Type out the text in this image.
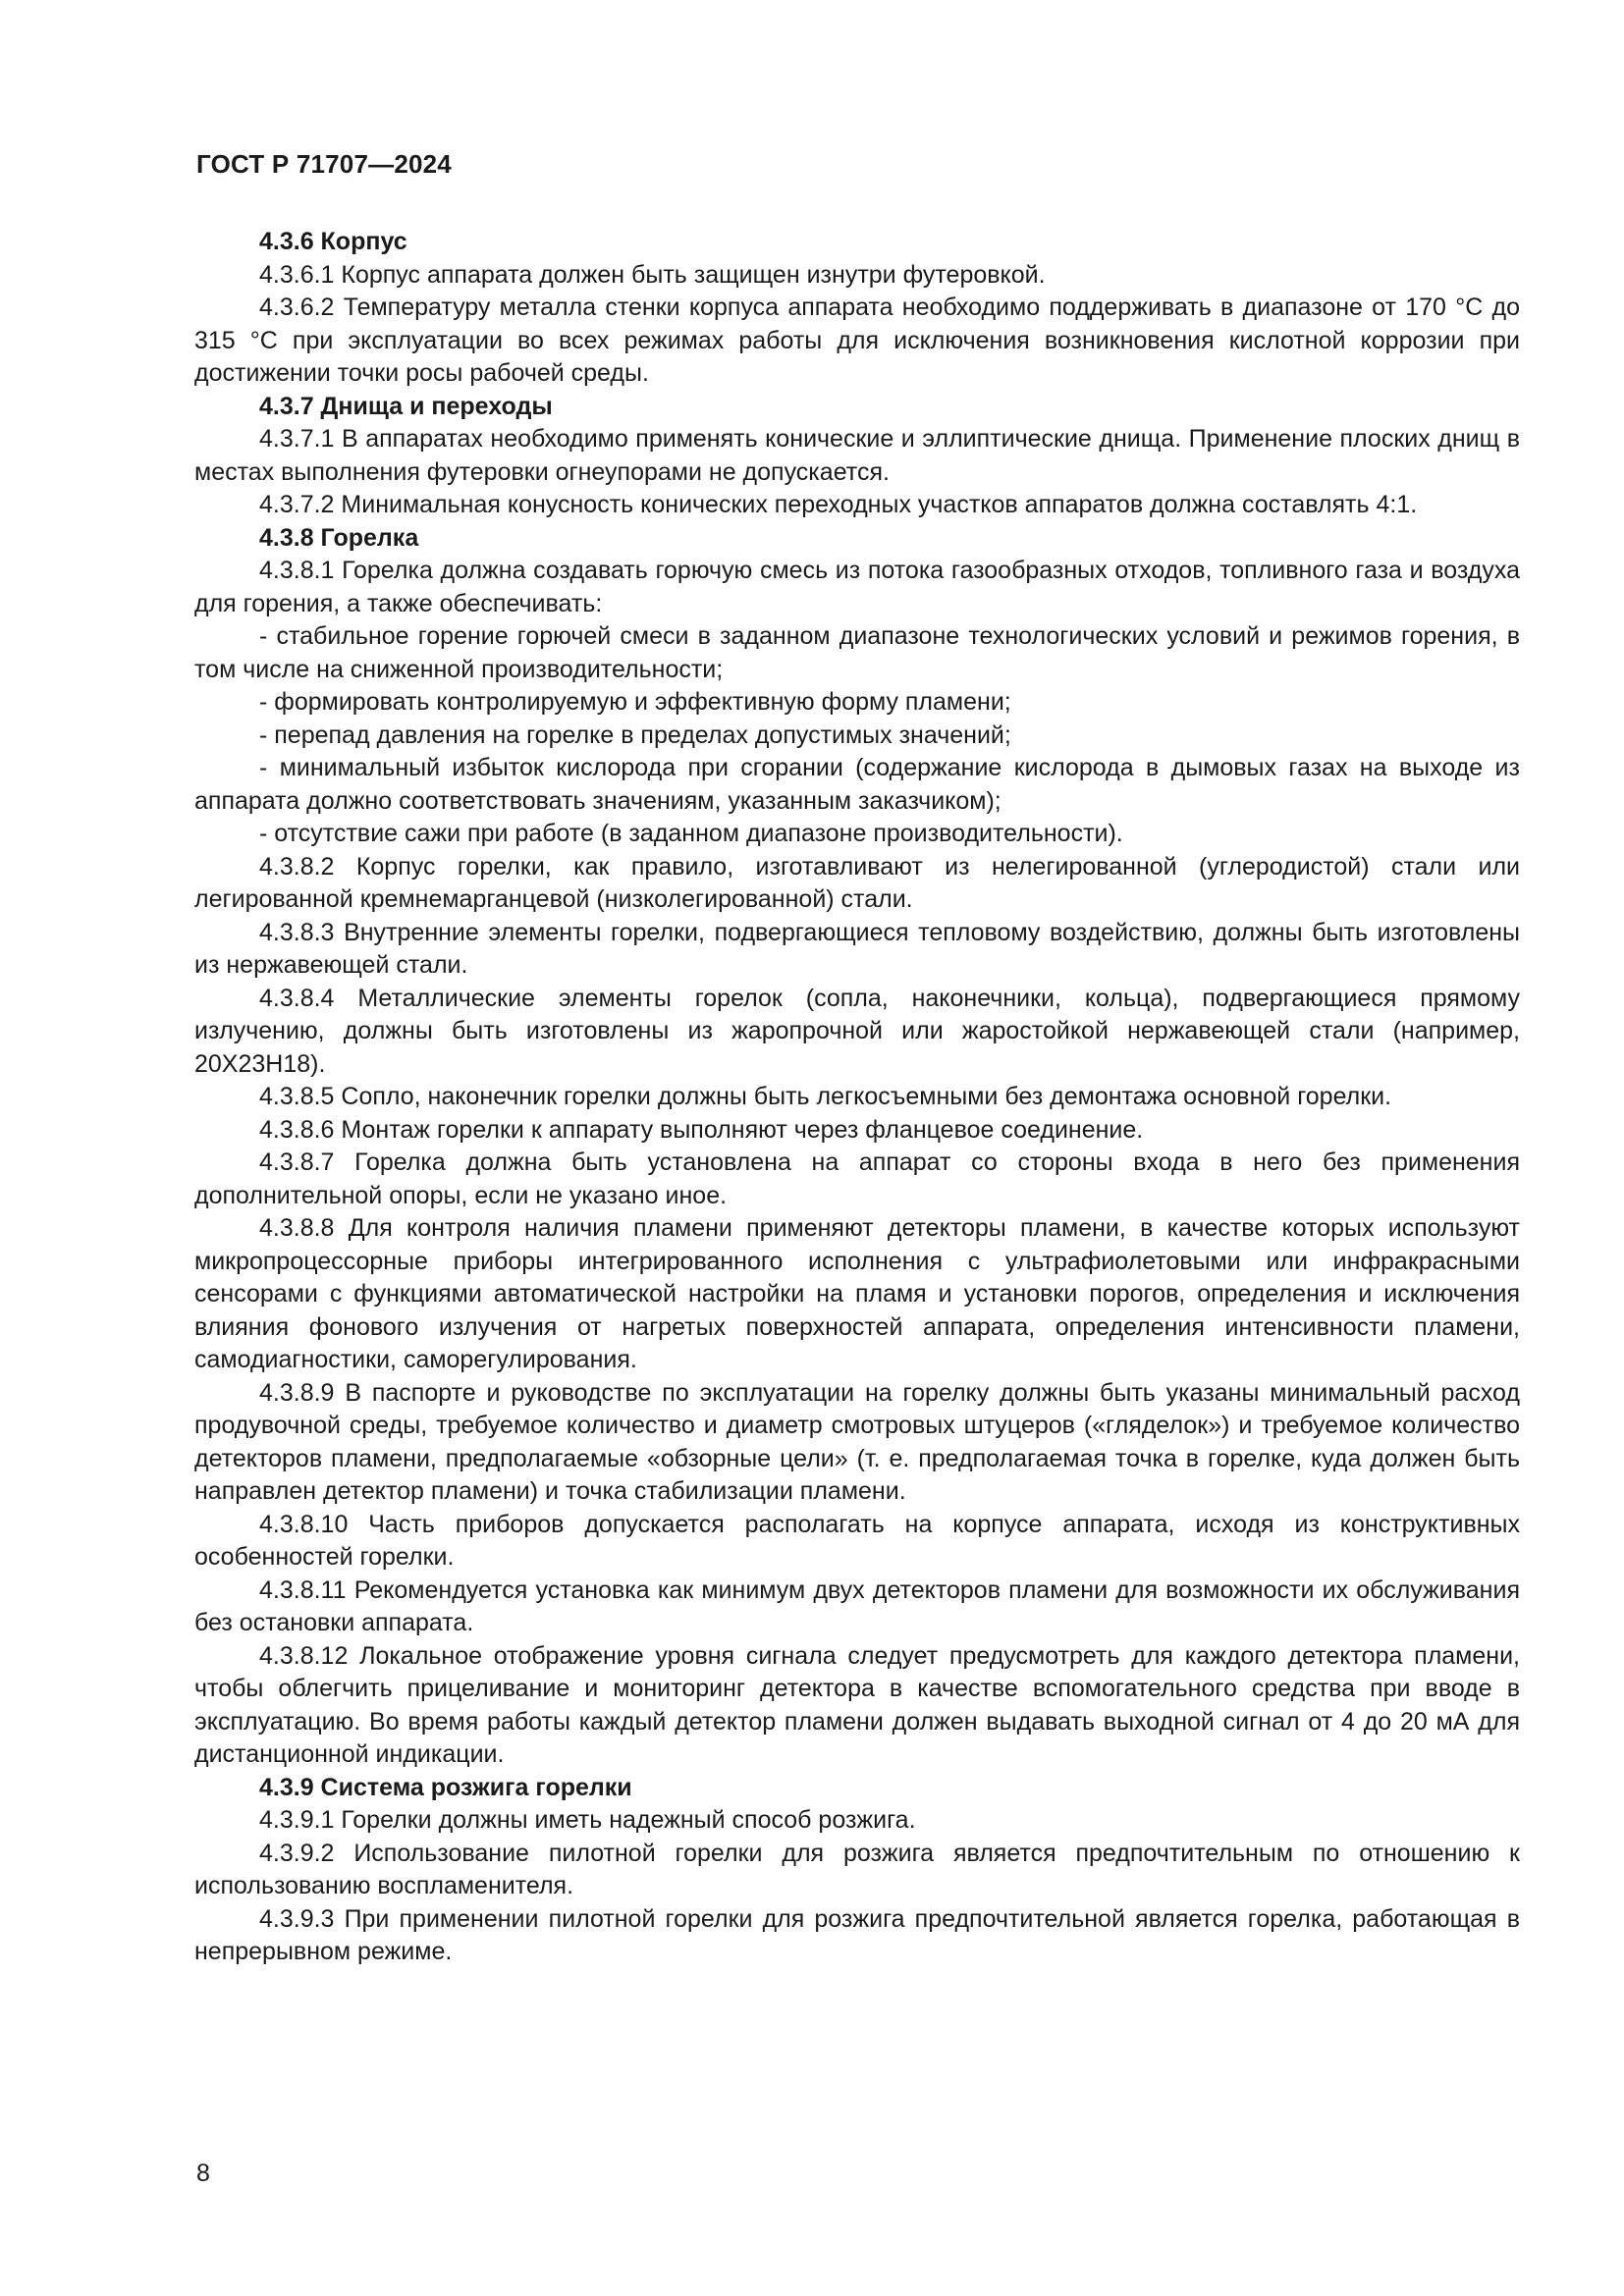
ГОСТ Р 71707—2024

4.3.6 Корпус

4.3.6.1 Корпус аппарата должен быть защищен изнутри футеровкой.

4.3.6.2 Температуру металла стенки корпуса аппарата необходимо поддерживать в диапазоне от 170 °C до 315 °C при эксплуатации во всех режимах работы для исключения возникновения кислотной коррозии при достижении точки росы рабочей среды.

4.3.7 Днища и переходы

4.3.7.1 В аппаратах необходимо применять конические и эллиптические днища. Применение плоских днищ в местах выполнения футеровки огнеупорами не допускается.

4.3.7.2 Минимальная конусность конических переходных участков аппаратов должна составлять 4:1.

4.3.8 Горелка

4.3.8.1 Горелка должна создавать горючую смесь из потока газообразных отходов, топливного газа и воздуха для горения, а также обеспечивать:

- стабильное горение горючей смеси в заданном диапазоне технологических условий и режимов горения, в том числе на сниженной производительности;

- формировать контролируемую и эффективную форму пламени;

- перепад давления на горелке в пределах допустимых значений;

- минимальный избыток кислорода при сгорании (содержание кислорода в дымовых газах на выходе из аппарата должно соответствовать значениям, указанным заказчиком);

- отсутствие сажи при работе (в заданном диапазоне производительности).

4.3.8.2 Корпус горелки, как правило, изготавливают из нелегированной (углеродистой) стали или легированной кремнемарганцевой (низколегированной) стали.

4.3.8.3 Внутренние элементы горелки, подвергающиеся тепловому воздействию, должны быть изготовлены из нержавеющей стали.

4.3.8.4 Металлические элементы горелок (сопла, наконечники, кольца), подвергающиеся прямому излучению, должны быть изготовлены из жаропрочной или жаростойкой нержавеющей стали (например, 20Х23Н18).

4.3.8.5 Сопло, наконечник горелки должны быть легкосъемными без демонтажа основной горелки.

4.3.8.6 Монтаж горелки к аппарату выполняют через фланцевое соединение.

4.3.8.7 Горелка должна быть установлена на аппарат со стороны входа в него без применения дополнительной опоры, если не указано иное.

4.3.8.8 Для контроля наличия пламени применяют детекторы пламени, в качестве которых используют микропроцессорные приборы интегрированного исполнения с ультрафиолетовыми или инфракрасными сенсорами с функциями автоматической настройки на пламя и установки порогов, определения и исключения влияния фонового излучения от нагретых поверхностей аппарата, определения интенсивности пламени, самодиагностики, саморегулирования.

4.3.8.9 В паспорте и руководстве по эксплуатации на горелку должны быть указаны минимальный расход продувочной среды, требуемое количество и диаметр смотровых штуцеров («гляделок») и требуемое количество детекторов пламени, предполагаемые «обзорные цели» (т. е. предполагаемая точка в горелке, куда должен быть направлен детектор пламени) и точка стабилизации пламени.

4.3.8.10 Часть приборов допускается располагать на корпусе аппарата, исходя из конструктивных особенностей горелки.

4.3.8.11 Рекомендуется установка как минимум двух детекторов пламени для возможности их обслуживания без остановки аппарата.

4.3.8.12 Локальное отображение уровня сигнала следует предусмотреть для каждого детектора пламени, чтобы облегчить прицеливание и мониторинг детектора в качестве вспомогательного средства при вводе в эксплуатацию. Во время работы каждый детектор пламени должен выдавать выходной сигнал от 4 до 20 мА для дистанционной индикации.

4.3.9 Система розжига горелки

4.3.9.1 Горелки должны иметь надежный способ розжига.

4.3.9.2 Использование пилотной горелки для розжига является предпочтительным по отношению к использованию воспламенителя.

4.3.9.3 При применении пилотной горелки для розжига предпочтительной является горелка, работающая в непрерывном режиме.

8
